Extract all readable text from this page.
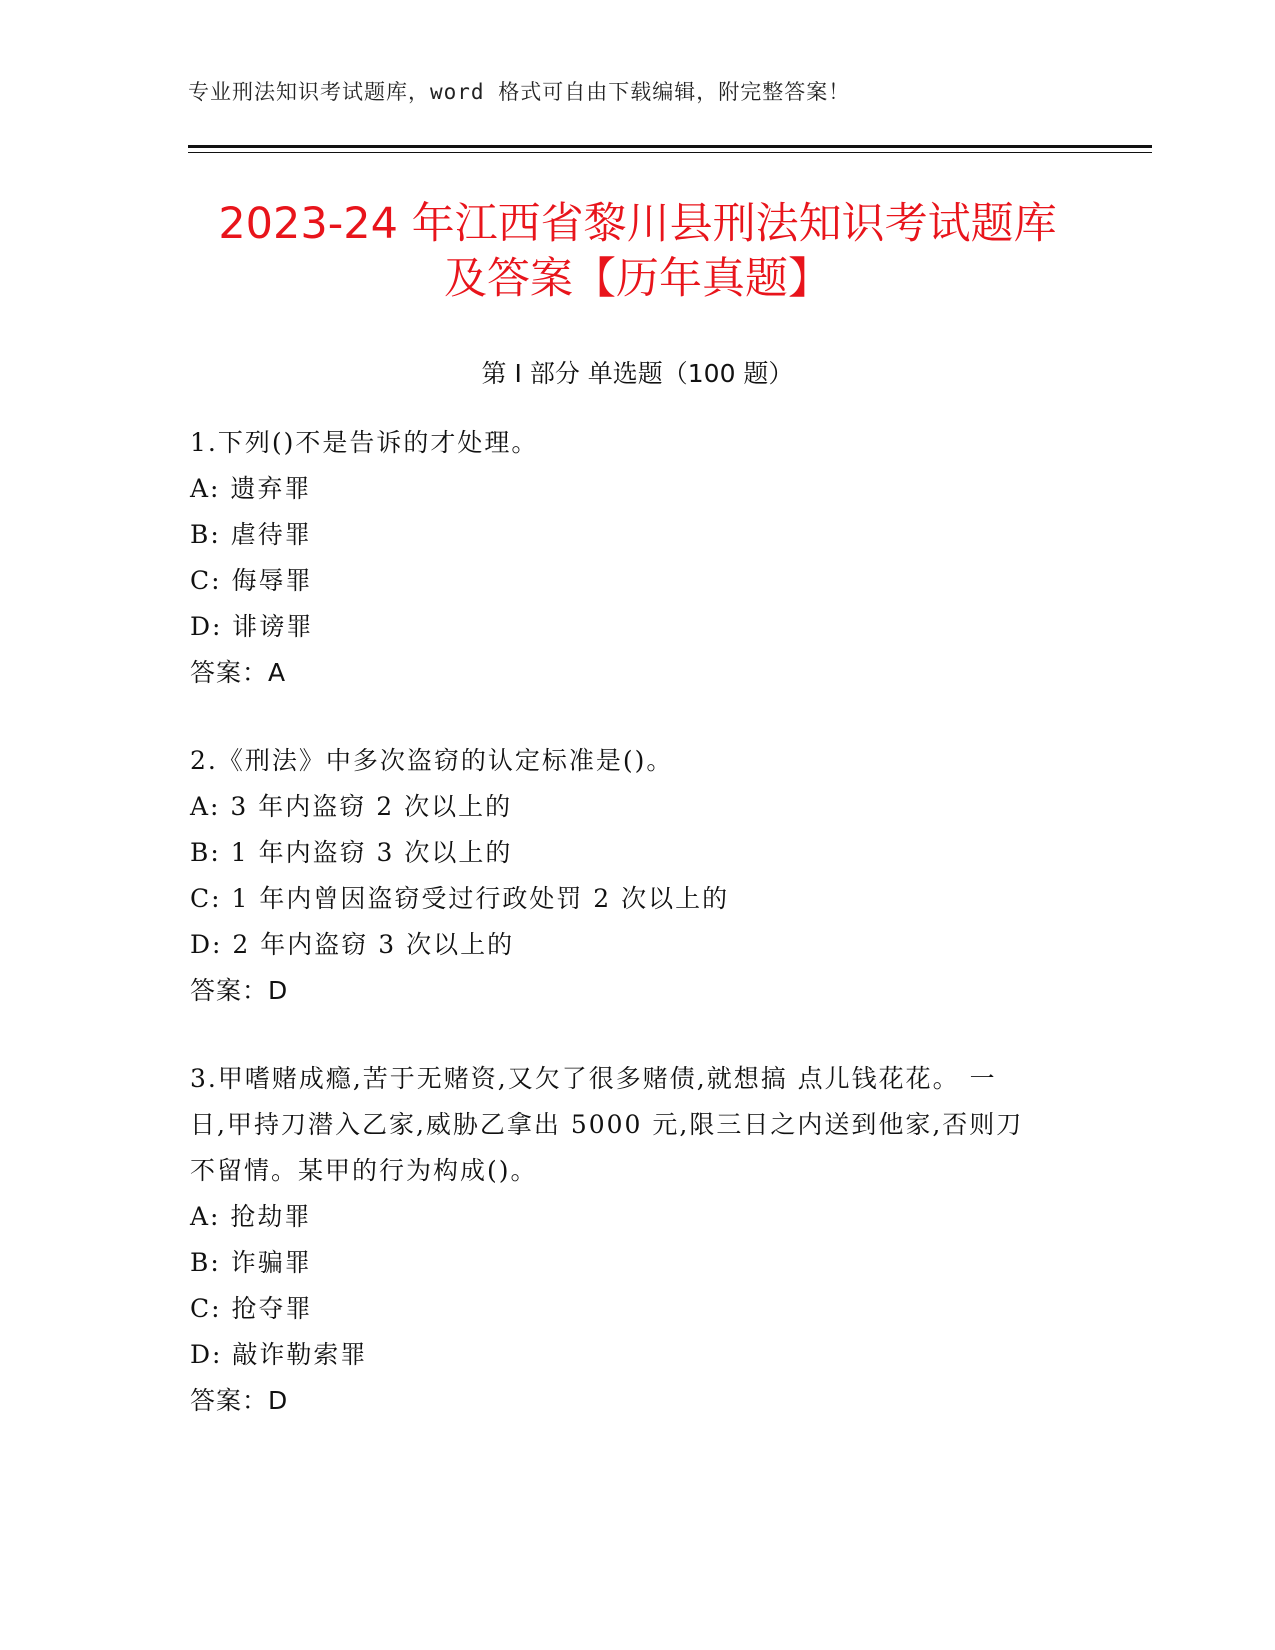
专业刑法知识考试题库，word 格式可自由下载编辑，附完整答案！
2023-24 年江西省黎川县刑法知识考试题库
及答案【历年真题】
第 I 部分 单选题（100 题）
1.下列()不是告诉的才处理。
A: 遗弃罪
B: 虐待罪
C: 侮辱罪
D: 诽谤罪
答案：A
2.《刑法》中多次盗窃的认定标准是()。
A: 3 年内盗窃 2 次以上的
B: 1 年内盗窃 3 次以上的
C: 1 年内曾因盗窃受过行政处罚 2 次以上的
D: 2 年内盗窃 3 次以上的
答案：D
3.甲嗜赌成瘾,苦于无赌资,又欠了很多赌债,就想搞 点儿钱花花。 一
日,甲持刀潜入乙家,威胁乙拿出 5000 元,限三日之内送到他家,否则刀
不留情。某甲的行为构成()。
A: 抢劫罪
B: 诈骗罪
C: 抢夺罪
D: 敲诈勒索罪
答案：D
